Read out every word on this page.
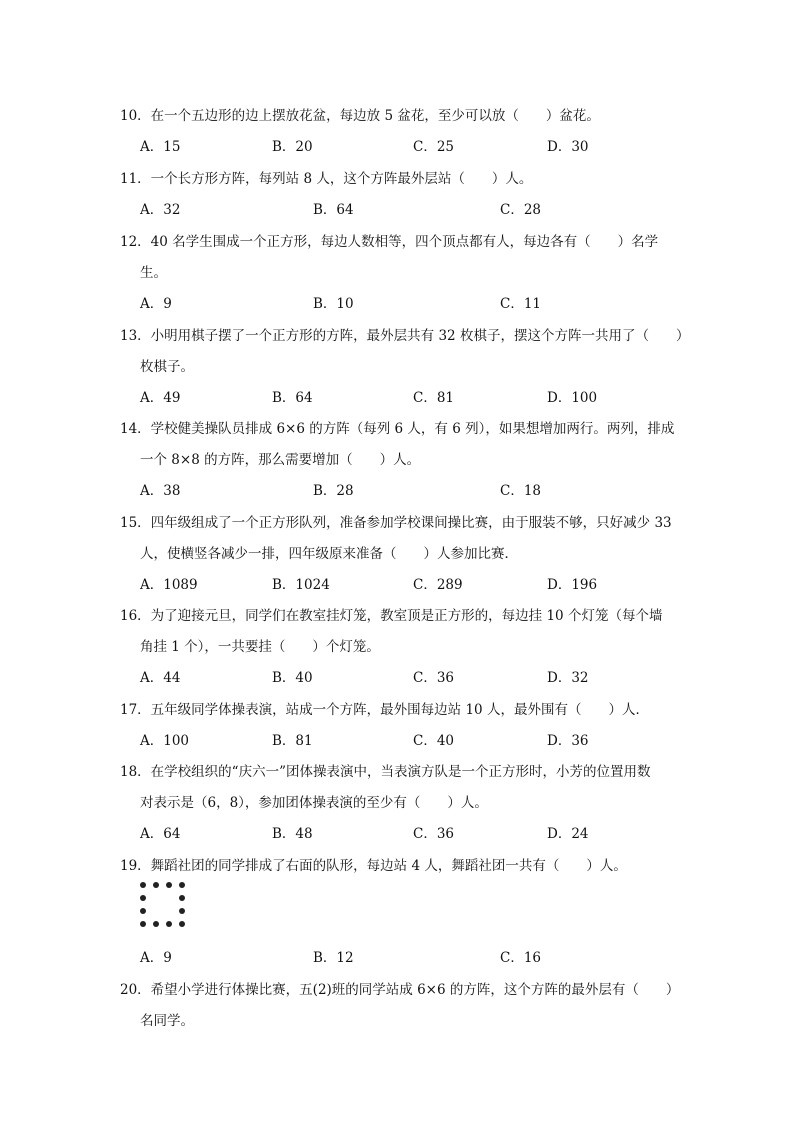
10．在一个五边形的边上摆放花盆，每边放 5 盆花，至少可以放（　　）盆花。
A．15	B．20	C．25	D．30
11．一个长方形方阵，每列站 8 人，这个方阵最外层站（　　）人。
A．32	B．64	C．28
12．40 名学生围成一个正方形，每边人数相等，四个顶点都有人，每边各有（　　）名学
生。
A．9	B．10	C．11
13．小明用棋子摆了一个正方形的方阵，最外层共有 32 枚棋子，摆这个方阵一共用了（　　）
枚棋子。
A．49	B．64	C．81	D．100
14．学校健美操队员排成 6×6 的方阵（每列 6 人，有 6 列），如果想增加两行。两列，排成
一个 8×8 的方阵，那么需要增加（　　）人。
A．38	B．28	C．18
15．四年级组成了一个正方形队列，准备参加学校课间操比赛，由于服装不够，只好减少 33
人，使横竖各减少一排，四年级原来准备（　　）人参加比赛．
A．1089	B．1024	C．289	D．196
16．为了迎接元旦，同学们在教室挂灯笼，教室顶是正方形的，每边挂 10 个灯笼（每个墙
角挂 1 个），一共要挂（　　）个灯笼。
A．44	B．40	C．36	D．32
17．五年级同学体操表演，站成一个方阵，最外围每边站 10 人，最外围有（　　）人．
A．100	B．81	C．40	D．36
18．在学校组织的“庆六一”团体操表演中，当表演方队是一个正方形时，小芳的位置用数
对表示是（6，8），参加团体操表演的至少有（　　）人。
A．64	B．48	C．36	D．24
19．舞蹈社团的同学排成了右面的队形，每边站 4 人，舞蹈社团一共有（　　）人。
A．9	B．12	C．16
20．希望小学进行体操比赛，五(2)班的同学站成 6×6 的方阵，这个方阵的最外层有（　　）
名同学。
